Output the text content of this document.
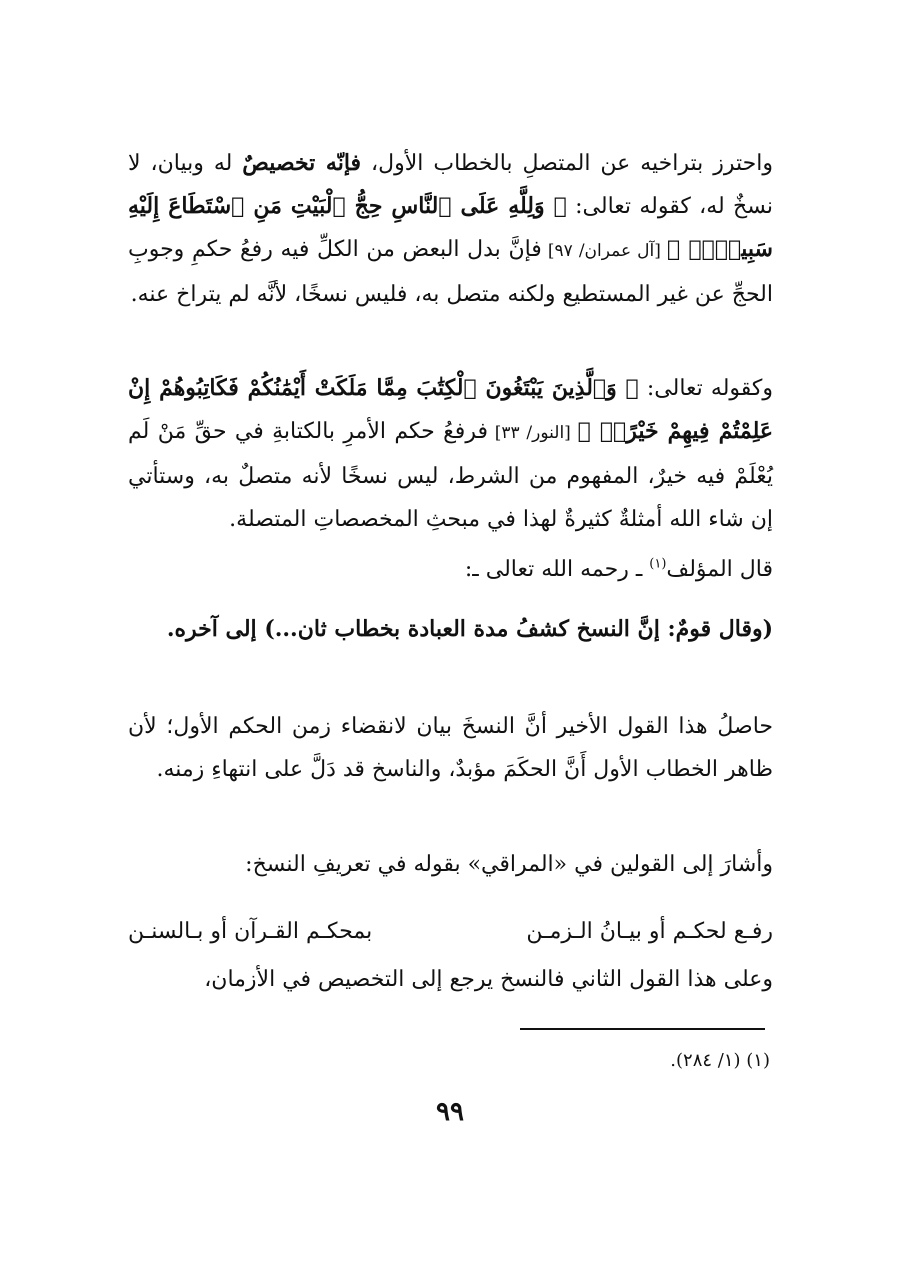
واحترز بتراخيه عن المتصلِ بالخطاب الأول، فإنّه تخصيصٌ له وبيان، لا نسخٌ له، كقوله تعالى: ﴿ وَلِلَّهِ عَلَى ٱلنَّاسِ حِجُّ ٱلْبَيْتِ مَنِ ٱسْتَطَاعَ إِلَيْهِ سَبِيلًاۚ ﴾ [آل عمران/ ٩٧] فإنَّ بدل البعض من الكلِّ فيه رفعُ حكمِ وجوبِ الحجِّ عن غير المستطيع ولكنه متصل به، فليس نسخًا، لأنَّه لم يتراخ عنه.

وكقوله تعالى: ﴿ وَٱلَّذِينَ يَبْتَغُونَ ٱلْكِتَٰبَ مِمَّا مَلَكَتْ أَيْمَٰنُكُمْ فَكَاتِبُوهُمْ إِنْ عَلِمْتُمْ فِيهِمْ خَيْرًاۖ ﴾ [النور/ ٣٣] فرفعُ حكم الأمرِ بالكتابةِ في حقِّ مَنْ لَم يُعْلَمْ فيه خيرٌ، المفهوم من الشرط، ليس نسخًا لأنه متصلٌ به، وستأتي إن شاء الله أمثلةٌ كثيرةٌ لهذا في مبحثِ المخصصاتِ المتصلة.

قال المؤلف$^{(١)}$ ـ رحمه الله تعالى ـ:

(وقال قومٌ: إنَّ النسخ كشفُ مدة العبادة بخطاب ثان...) إلى آخره.

حاصلُ هذا القول الأخير أنَّ النسخَ بيان لانقضاء زمن الحكم الأول؛ لأن ظاهر الخطاب الأول أَنَّ الحكَمَ مؤبدٌ، والناسخ قد دَلَّ على انتهاءِ زمنه.

وأشارَ إلى القولين في «المراقي» بقوله في تعريفِ النسخ:

رفـع لحكـم أو بيـانُ الـزمـن
بمحكـم القـرآن أو بـالسنـن

وعلى هذا القول الثاني فالنسخ يرجع إلى التخصيص في الأزمان،

(١) (١/ ٢٨٤).
٩٩
